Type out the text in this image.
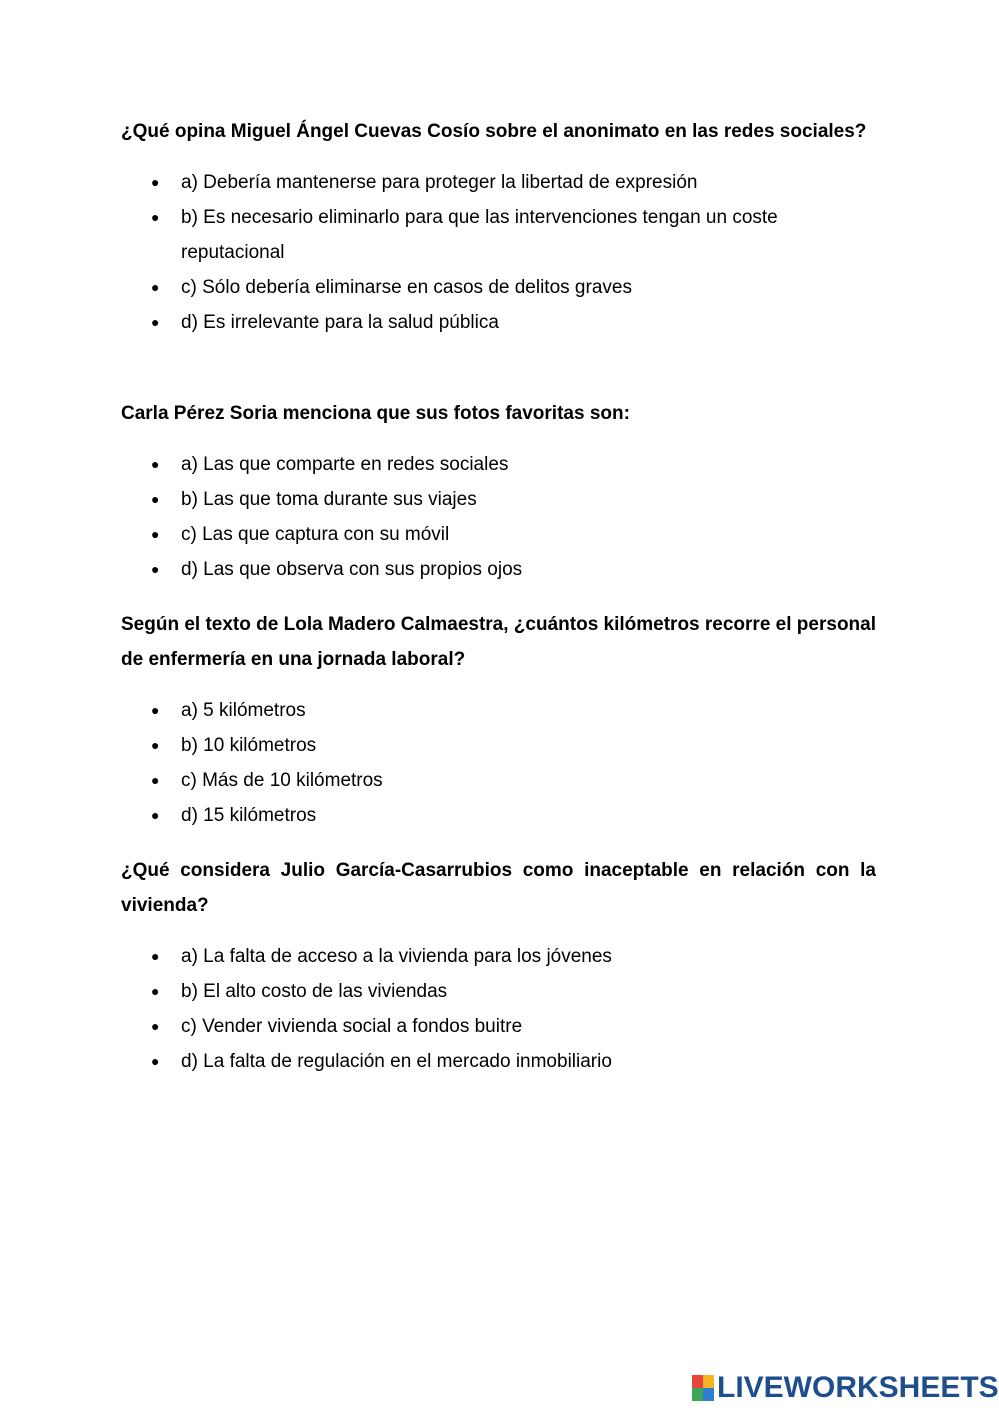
¿Qué opina Miguel Ángel Cuevas Cosío sobre el anonimato en las redes sociales?

● a) Debería mantenerse para proteger la libertad de expresión
● b) Es necesario eliminarlo para que las intervenciones tengan un coste reputacional
● c) Sólo debería eliminarse en casos de delitos graves
● d) Es irrelevante para la salud pública

Carla Pérez Soria menciona que sus fotos favoritas son:

● a) Las que comparte en redes sociales
● b) Las que toma durante sus viajes
● c) Las que captura con su móvil
● d) Las que observa con sus propios ojos

Según el texto de Lola Madero Calmaestra, ¿cuántos kilómetros recorre el personal de enfermería en una jornada laboral?

● a) 5 kilómetros
● b) 10 kilómetros
● c) Más de 10 kilómetros
● d) 15 kilómetros

¿Qué considera Julio García-Casarrubios como inaceptable en relación con la vivienda?

● a) La falta de acceso a la vivienda para los jóvenes
● b) El alto costo de las viviendas
● c) Vender vivienda social a fondos buitre
● d) La falta de regulación en el mercado inmobiliario
LIVEWORKSHEETS
